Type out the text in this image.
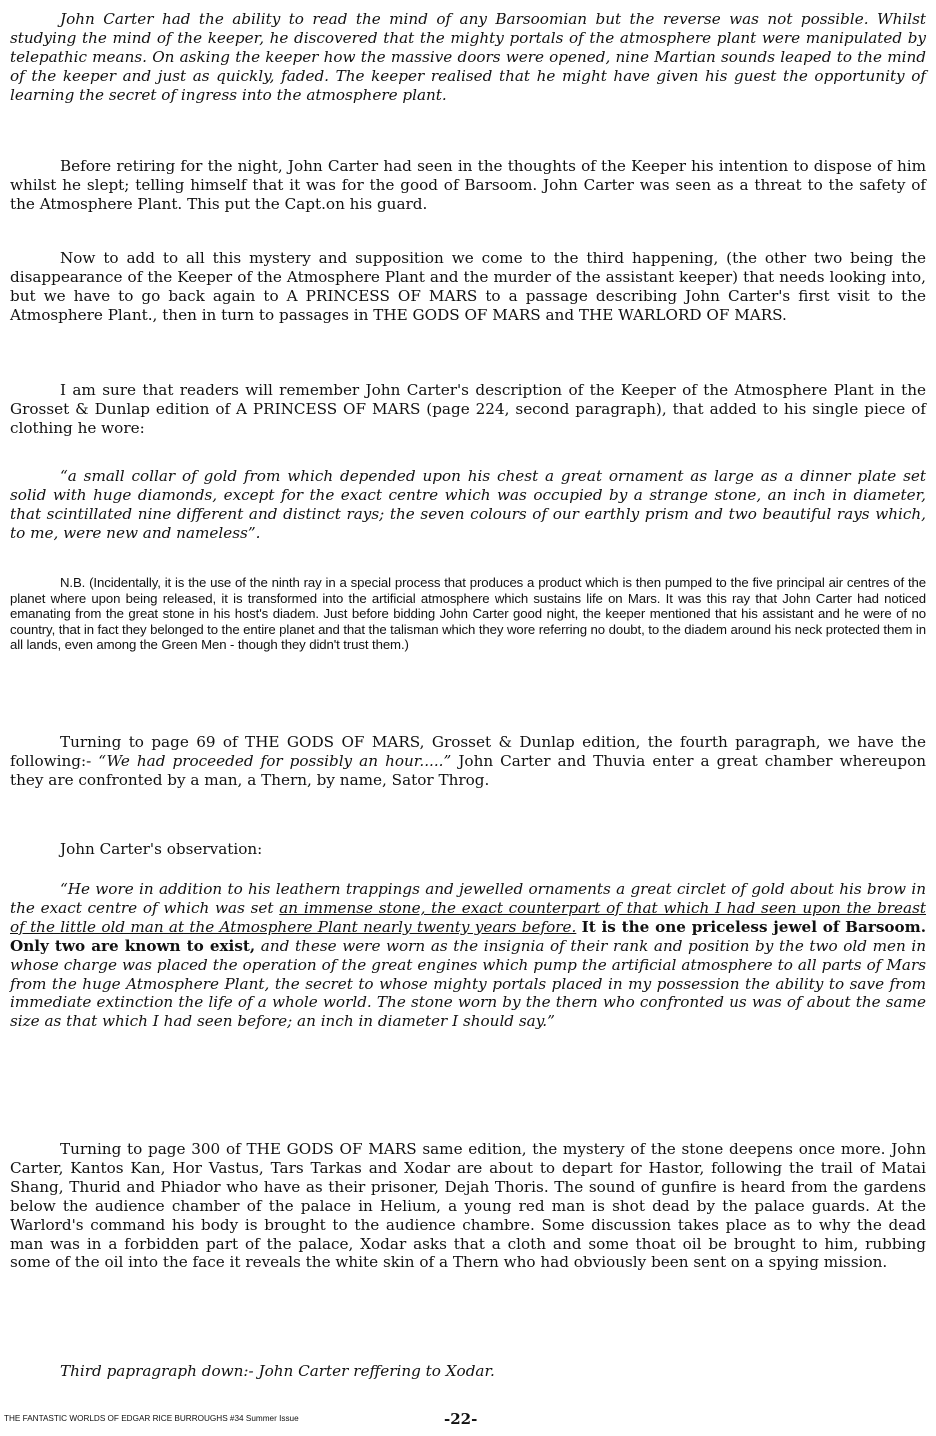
John Carter had the ability to read the mind of any Barsoomian but the reverse was not possible. Whilst studying the mind of the keeper, he discovered that the mighty portals of the atmosphere plant were manipulated by telepathic means. On asking the keeper how the massive doors were opened, nine Martian sounds leaped to the mind of the keeper and just as quickly, faded. The keeper realised that he might have given his guest the opportunity of learning the secret of ingress into the atmosphere plant.

Before retiring for the night, John Carter had seen in the thoughts of the Keeper his intention to dispose of him whilst he slept; telling himself that it was for the good of Barsoom. John Carter was seen as a threat to the safety of the Atmosphere Plant. This put the Capt.on his guard.

Now to add to all this mystery and supposition we come to the third happening, (the other two being the disappearance of the Keeper of the Atmosphere Plant and the murder of the assistant keeper) that needs looking into, but we have to go back again to A PRINCESS OF MARS to a passage describing John Carter's first visit to the Atmosphere Plant., then in turn to passages in THE GODS OF MARS and THE WARLORD OF MARS.

I am sure that readers will remember John Carter's description of the Keeper of the Atmosphere Plant in the Grosset & Dunlap edition of A PRINCESS OF MARS (page 224, second paragraph), that added to his single piece of clothing he wore:

“a small collar of gold from which depended upon his chest a great ornament as large as a dinner plate set solid with huge diamonds, except for the exact centre which was occupied by a strange stone, an inch in diameter, that scintillated nine different and distinct rays; the seven colours of our earthly prism and two beautiful rays which, to me, were new and nameless”.

N.B. (Incidentally, it is the use of the ninth ray in a special process that produces a product which is then pumped to the five principal air centres of the planet where upon being released, it is transformed into the artificial atmosphere which sustains life on Mars. It was this ray that John Carter had noticed emanating from the great stone in his host's diadem. Just before bidding John Carter good night, the keeper mentioned that his assistant and he were of no country, that in fact they belonged to the entire planet and that the talisman which they wore referring no doubt, to the diadem around his neck protected them in all lands, even among the Green Men - though they didn't trust them.)

Turning to page 69 of THE GODS OF MARS, Grosset & Dunlap edition, the fourth paragraph, we have the following:- “We had proceeded for possibly an hour.....” John Carter and Thuvia enter a great chamber whereupon they are confronted by a man, a Thern, by name, Sator Throg.

John Carter's observation:

“He wore in addition to his leathern trappings and jewelled ornaments a great circlet of gold about his brow in the exact centre of which was set an immense stone, the exact counterpart of that which I had seen upon the breast of the little old man at the Atmosphere Plant nearly twenty years before. It is the one priceless jewel of Barsoom. Only two are known to exist, and these were worn as the insignia of their rank and position by the two old men in whose charge was placed the operation of the great engines which pump the artificial atmosphere to all parts of Mars from the huge Atmosphere Plant, the secret to whose mighty portals placed in my possession the ability to save from immediate extinction the life of a whole world. The stone worn by the thern who confronted us was of about the same size as that which I had seen before; an inch in diameter I should say.”

Turning to page 300 of THE GODS OF MARS same edition, the mystery of the stone deepens once more. John Carter, Kantos Kan, Hor Vastus, Tars Tarkas and Xodar are about to depart for Hastor, following the trail of Matai Shang, Thurid and Phiador who have as their prisoner, Dejah Thoris. The sound of gunfire is heard from the gardens below the audience chamber of the palace in Helium, a young red man is shot dead by the palace guards. At the Warlord's command his body is brought to the audience chambre. Some discussion takes place as to why the dead man was in a forbidden part of the palace, Xodar asks that a cloth and some thoat oil be brought to him, rubbing some of the oil into the face it reveals the white skin of a Thern who had obviously been sent on a spying mission.

Third papragraph down:- John Carter reffering to Xodar.

THE FANTASTIC WORLDS OF EDGAR RICE BURROUGHS #34 Summer Issue	-22-
